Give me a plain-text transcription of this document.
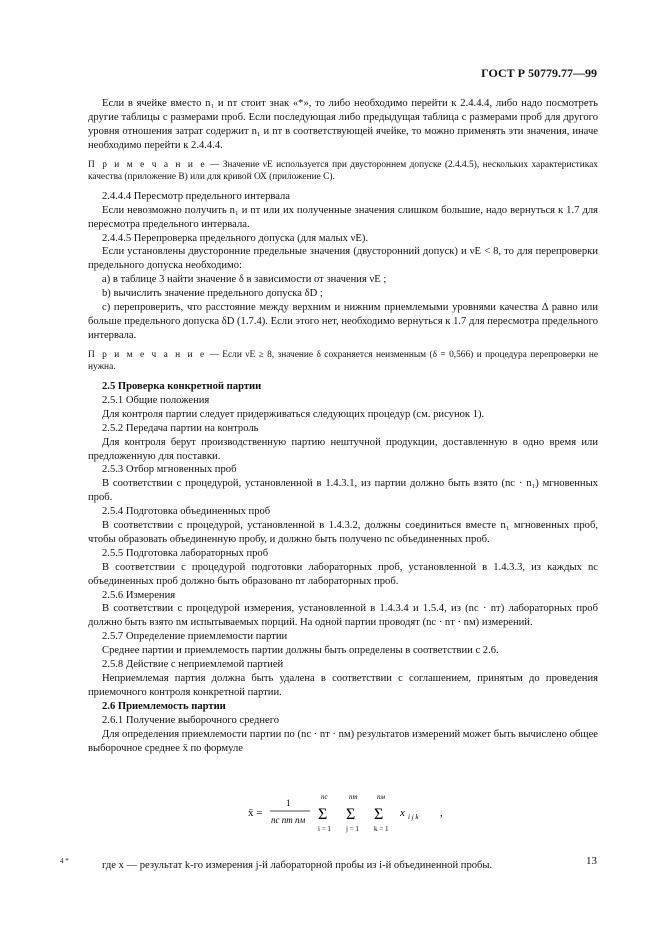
ГОСТ Р 50779.77—99

Если в ячейке вместо n₁ и nт стоит знак «*», то либо необходимо перейти к 2.4.4.4, либо надо посмотреть другие таблицы с размерами проб. Если последующая либо предыдущая таблица с размерами проб для другого уровня отношения затрат содержит n₁ и nт в соответствующей ячейке, то можно применять эти значения, иначе необходимо перейти к 2.4.4.4.

П р и м е ч а н и е — Значение νE используется при двустороннем допуске (2.4.4.5), нескольких характеристиках качества (приложение В) или для кривой ОХ (приложение С).

2.4.4.4 Пересмотр предельного интервала

Если невозможно получить n₁ и nт или их полученные значения слишком большие, надо вернуться к 1.7 для пересмотра предельного интервала.

2.4.4.5 Перепроверка предельного допуска (для малых νE).

Если установлены двусторонние предельные значения (двусторонний допуск) и νE < 8, то для перепроверки предельного допуска необходимо:

a) в таблице 3 найти значение δ в зависимости от значения νE ;

b) вычислить значение предельного допуска δD ;

c) перепроверить, что расстояние между верхним и нижним приемлемыми уровнями качества Δ равно или больше предельного допуска δD (1.7.4). Если этого нет, необходимо вернуться к 1.7 для пересмотра предельного интервала.

П р и м е ч а н и е — Если νE ≥ 8, значение δ сохраняется неизменным (δ = 0,566) и процедура перепроверки не нужна.

2.5 Проверка конкретной партии

2.5.1 Общие положения

Для контроля партии следует придерживаться следующих процедур (см. рисунок 1).

2.5.2 Передача партии на контроль

Для контроля берут производственную партию нештучной продукции, доставленную в одно время или предложенную для поставки.

2.5.3 Отбор мгновенных проб

В соответствии с процедурой, установленной в 1.4.3.1, из партии должно быть взято (nc · n₁) мгновенных проб.

2.5.4 Подготовка объединенных проб

В соответствии с процедурой, установленной в 1.4.3.2, должны соединиться вместе n₁ мгновенных проб, чтобы образовать объединенную пробу, и должно быть получено nc объединенных проб.

2.5.5 Подготовка лабораторных проб

В соответствии с процедурой подготовки лабораторных проб, установленной в 1.4.3.3, из каждых nc объединенных проб должно быть образовано nт лабораторных проб.

2.5.6 Измерения

В соответствии с процедурой измерения, установленной в 1.4.3.4 и 1.5.4, из (nc · nт) лабораторных проб должно быть взято nм испытываемых порций. На одной партии проводят (nc · nт · nм) измерений.

2.5.7 Определение приемлемости партии

Среднее партии и приемлемость партии должны быть определены в соответствии с 2.6.

2.5.8 Действие с неприемлемой партией

Неприемлемая партия должна быть удалена в соответствии с соглашением, принятым до проведения приемочного контроля конкретной партии.

2.6 Приемлемость партии

2.6.1 Получение выборочного среднего

Для определения приемлемости партии по (nc · nт · nм) результатов измерений может быть вычислено общее выборочное среднее x̄ по формуле

x̄ =
1
nc nт nм
nc
Σ
i = 1
nт
Σ
j = 1
nм
Σ
k = 1
x i j k ,

где x — результат k-го измерения j-й лабораторной пробы из i-й объединенной пробы.

4 *	13
